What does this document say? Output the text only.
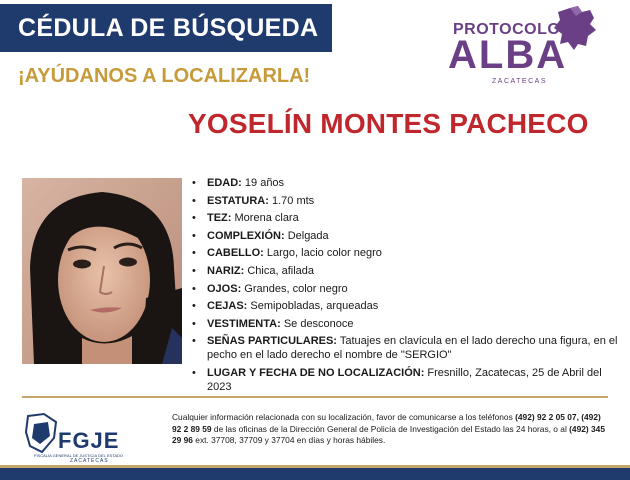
CÉDULA DE BÚSQUEDA
¡AYÚDANOS A LOCALIZARLA!
PROTOCOLO
ALBA
ZACATECAS
YOSELÍN MONTES PACHECO
• EDAD: 19 años
• ESTATURA: 1.70 mts
• TEZ: Morena clara
• COMPLEXIÓN: Delgada
• CABELLO: Largo, lacio color negro
• NARIZ: Chica, afilada
• OJOS: Grandes, color negro
• CEJAS: Semipobladas, arqueadas
• VESTIMENTA: Se desconoce
• SEÑAS PARTICULARES: Tatuajes en clavícula en el lado derecho una figura, en el pecho en el lado derecho el nombre de "SERGIO"
• LUGAR Y FECHA DE NO LOCALIZACIÓN: Fresnillo, Zacatecas, 25 de Abril del 2023
FGJE
FISCALÍA GENERAL DE JUSTICIA DEL ESTADO
ZACATECAS
Cualquier información relacionada con su localización, favor de comunicarse a los teléfonos (492) 92 2 05 07, (492) 92 2 89 59 de las oficinas de la Dirección General de Policía de Investigación del Estado las 24 horas, o al (492) 345 29 96 ext. 37708, 37709 y 37704 en días y horas hábiles.
